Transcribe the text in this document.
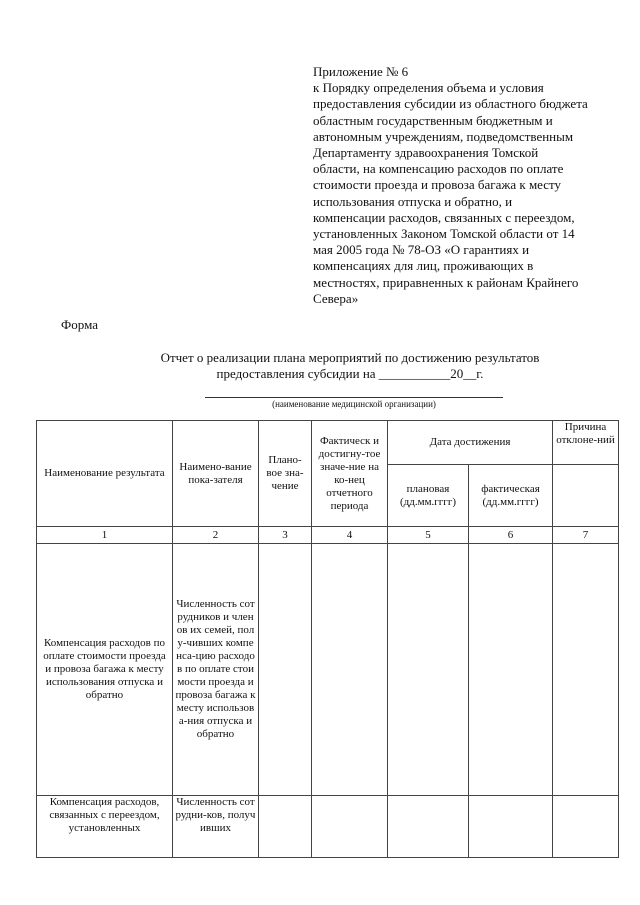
Приложение № 6
к Порядку определения объема и условия
предоставления субсидии из областного бюджета
областным государственным бюджетным и
автономным учреждениям, подведомственным
Департаменту здравоохранения Томской
области, на компенсацию расходов по оплате
стоимости проезда и провоза багажа к месту
использования отпуска и обратно, и
компенсации расходов, связанных с переездом,
установленных Законом Томской области от 14
мая 2005 года № 78-ОЗ «О гарантиях и
компенсациях для лиц, проживающих в
местностях, приравненных к районам Крайнего
Севера»
Форма
Отчет о реализации плана мероприятий по достижению результатов
предоставления субсидии на ___________20__г.
(наименование медицинской организации)
Наименование результата	Наимено-вание пока-зателя	Плано-вое зна-чение	Фактическ и достигну-тое значе-ние на ко-нец отчетного периода	Дата достижения		Причина отклоне-ний
				плановая (дд.мм.гггг)	фактическая (дд.мм.гггг)	
1	2	3	4	5	6	7
Компенсация расходов по оплате стоимости проезда и провоза багажа к месту использования отпуска и обратно	Численность сотрудников и членов их семей, полу-чивших компенса-цию расходов по оплате стоимости проезда и провоза багажа к месту использова-ния отпуска и обратно					
Компенсация расходов, связанных с переездом, установленных	Численность сотрудни-ков, получивших					
